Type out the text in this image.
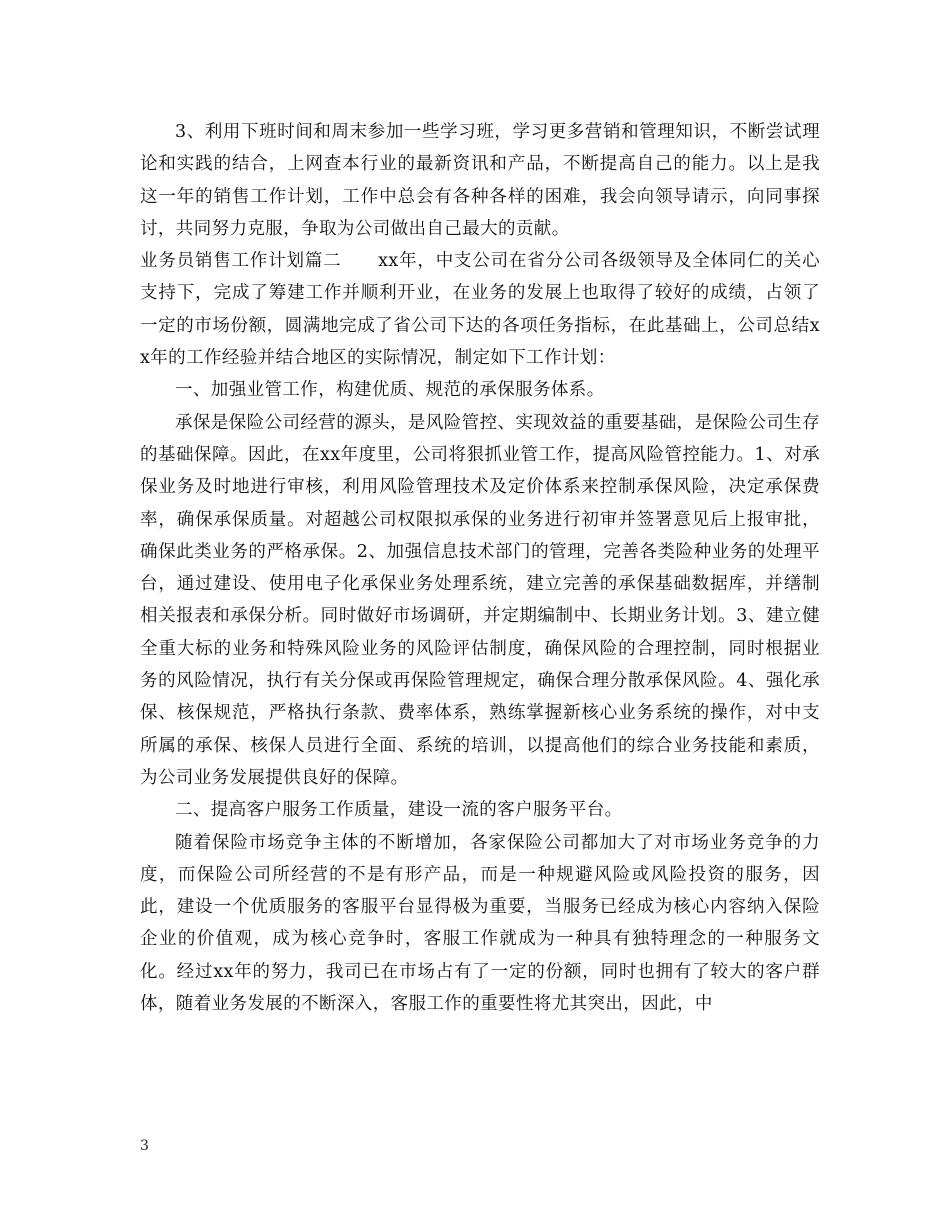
3、利用下班时间和周末参加一些学习班，学习更多营销和管理知识，不断尝试理论和实践的结合，上网查本行业的最新资讯和产品，不断提高自己的能力。以上是我这一年的销售工作计划，工作中总会有各种各样的困难，我会向领导请示，向同事探讨，共同努力克服，争取为公司做出自己最大的贡献。

业务员销售工作计划篇二　　xx年，中支公司在省分公司各级领导及全体同仁的关心支持下，完成了筹建工作并顺利开业，在业务的发展上也取得了较好的成绩，占领了一定的市场份额，圆满地完成了省公司下达的各项任务指标，在此基础上，公司总结xx年的工作经验并结合地区的实际情况，制定如下工作计划：

一、加强业管工作，构建优质、规范的承保服务体系。

承保是保险公司经营的源头，是风险管控、实现效益的重要基础，是保险公司生存的基础保障。因此，在xx年度里，公司将狠抓业管工作，提高风险管控能力。1、对承保业务及时地进行审核，利用风险管理技术及定价体系来控制承保风险，决定承保费率，确保承保质量。对超越公司权限拟承保的业务进行初审并签署意见后上报审批，确保此类业务的严格承保。2、加强信息技术部门的管理，完善各类险种业务的处理平台，通过建设、使用电子化承保业务处理系统，建立完善的承保基础数据库，并缮制相关报表和承保分析。同时做好市场调研，并定期编制中、长期业务计划。3、建立健全重大标的业务和特殊风险业务的风险评估制度，确保风险的合理控制，同时根据业务的风险情况，执行有关分保或再保险管理规定，确保合理分散承保风险。4、强化承保、核保规范，严格执行条款、费率体系，熟练掌握新核心业务系统的操作，对中支所属的承保、核保人员进行全面、系统的培训，以提高他们的综合业务技能和素质，为公司业务发展提供良好的保障。

二、提高客户服务工作质量，建设一流的客户服务平台。

随着保险市场竞争主体的不断增加，各家保险公司都加大了对市场业务竞争的力度，而保险公司所经营的不是有形产品，而是一种规避风险或风险投资的服务，因此，建设一个优质服务的客服平台显得极为重要，当服务已经成为核心内容纳入保险企业的价值观，成为核心竞争时，客服工作就成为一种具有独特理念的一种服务文化。经过xx年的努力，我司已在市场占有了一定的份额，同时也拥有了较大的客户群体，随着业务发展的不断深入，客服工作的重要性将尤其突出，因此，中

3
